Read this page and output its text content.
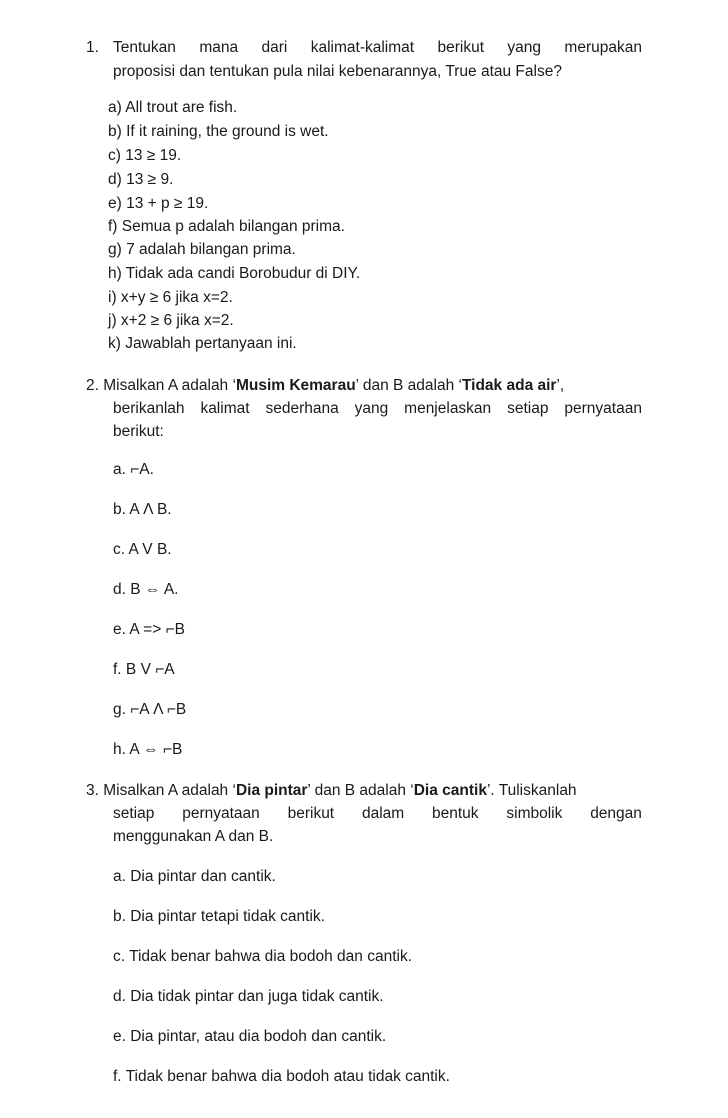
1. Tentukan mana dari kalimat-kalimat berikut yang merupakan
proposisi dan tentukan pula nilai kebenarannya, True atau False?
a) All trout are fish.
b) If it raining, the ground is wet.
c) 13 ≥ 19.
d) 13 ≥ 9.
e) 13 + p ≥ 19.
f) Semua p adalah bilangan prima.
g) 7 adalah bilangan prima.
h) Tidak ada candi Borobudur di DIY.
i) x+y ≥ 6 jika x=2.
j) x+2 ≥ 6 jika x=2.
k) Jawablah pertanyaan ini.
2. Misalkan A adalah ‘ Musim Kemarau’ dan B adalah ‘Tidak ada air’,
berikanlah kalimat sederhana yang menjelaskan setiap pernyataan
berikut:
a. ⌐A.
b. A Λ B.
c. A V B.
d. B ⇔ A.
e. A => ⌐B
f. B V ⌐A
g. ⌐A Λ ⌐B
h. A ⇔ ⌐B
3. Misalkan A adalah ‘Dia pintar’ dan B adalah ‘Dia cantik’. Tuliskanlah
setiap pernyataan berikut dalam bentuk simbolik dengan
menggunakan A dan B.
a. Dia pintar dan cantik.
b. Dia pintar tetapi tidak cantik.
c. Tidak benar bahwa dia bodoh dan cantik.
d. Dia tidak pintar dan juga tidak cantik.
e. Dia pintar, atau dia bodoh dan cantik.
f. Tidak benar bahwa dia bodoh atau tidak cantik.
